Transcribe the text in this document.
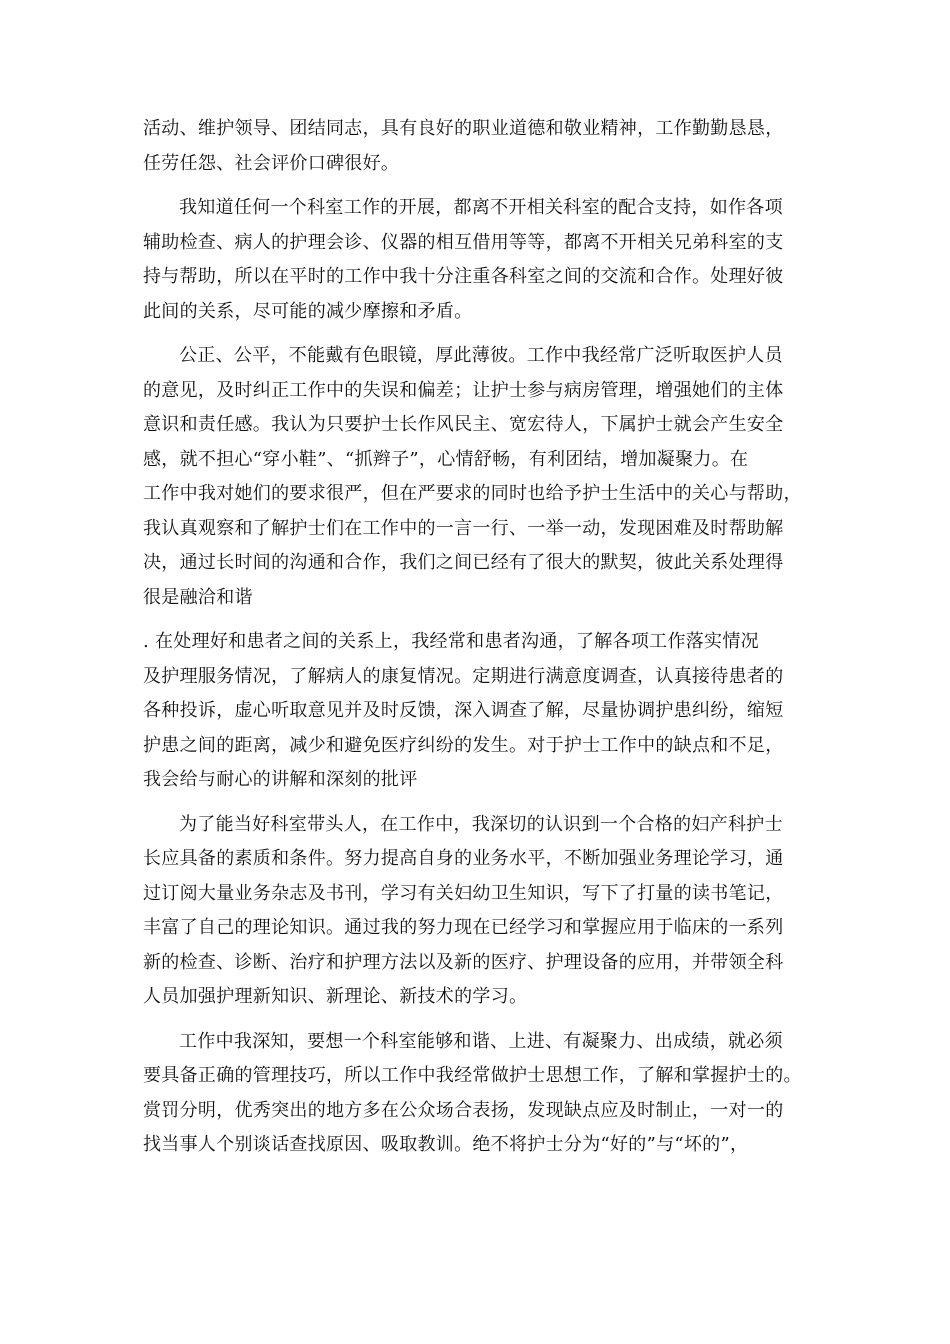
活动、维护领导、团结同志，具有良好的职业道德和敬业精神，工作勤勤恳恳，
任劳任怨、社会评价口碑很好。

我知道任何一个科室工作的开展，都离不开相关科室的配合支持，如作各项
辅助检查、病人的护理会诊、仪器的相互借用等等，都离不开相关兄弟科室的支
持与帮助，所以在平时的工作中我十分注重各科室之间的交流和合作。处理好彼
此间的关系，尽可能的减少摩擦和矛盾。

公正、公平，不能戴有色眼镜，厚此薄彼。工作中我经常广泛听取医护人员
的意见，及时纠正工作中的失误和偏差；让护士参与病房管理，增强她们的主体
意识和责任感。我认为只要护士长作风民主、宽宏待人，下属护士就会产生安全
感，就不担心“穿小鞋”、“抓辫子”，心情舒畅，有利团结，增加凝聚力。在
工作中我对她们的要求很严，但在严要求的同时也给予护士生活中的关心与帮助，
我认真观察和了解护士们在工作中的一言一行、一举一动，发现困难及时帮助解
决，通过长时间的沟通和合作，我们之间已经有了很大的默契，彼此关系处理得
很是融洽和谐

. 在处理好和患者之间的关系上，我经常和患者沟通，了解各项工作落实情况
及护理服务情况，了解病人的康复情况。定期进行满意度调查，认真接待患者的
各种投诉，虚心听取意见并及时反馈，深入调查了解，尽量协调护患纠纷，缩短
护患之间的距离，减少和避免医疗纠纷的发生。对于护士工作中的缺点和不足，
我会给与耐心的讲解和深刻的批评

为了能当好科室带头人，在工作中，我深切的认识到一个合格的妇产科护士
长应具备的素质和条件。努力提高自身的业务水平，不断加强业务理论学习，通
过订阅大量业务杂志及书刊，学习有关妇幼卫生知识，写下了打量的读书笔记，
丰富了自己的理论知识。通过我的努力现在已经学习和掌握应用于临床的一系列
新的检查、诊断、治疗和护理方法以及新的医疗、护理设备的应用，并带领全科
人员加强护理新知识、新理论、新技术的学习。

工作中我深知，要想一个科室能够和谐、上进、有凝聚力、出成绩，就必须
要具备正确的管理技巧，所以工作中我经常做护士思想工作，了解和掌握护士的。
赏罚分明，优秀突出的地方多在公众场合表扬，发现缺点应及时制止，一对一的
找当事人个别谈话查找原因、吸取教训。绝不将护士分为“好的”与“坏的”，
